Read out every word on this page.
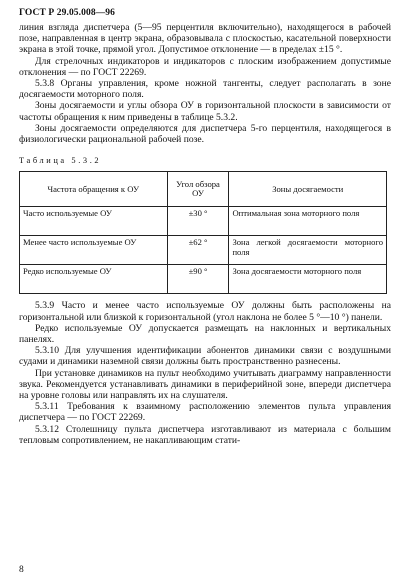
ГОСТ Р 29.05.008—96

линия взгляда диспетчера (5—95 перцентиля включительно), находящегося в рабочей позе, направленная в центр экрана, образовывала с плоскостью, касательной поверхности экрана в этой точке, прямой угол. Допустимое отклонение — в пределах ±15 °.

Для стрелочных индикаторов и индикаторов с плоским изображением допустимые отклонения — по ГОСТ 22269.

5.3.8 Органы управления, кроме ножной тангенты, следует располагать в зоне досягаемости моторного поля.

Зоны досягаемости и углы обзора ОУ в горизонтальной плоскости в зависимости от частоты обращения к ним приведены в таблице 5.3.2.

Зоны досягаемости определяются для диспетчера 5-го перцентиля, находящегося в физиологически рациональной рабочей позе.

Таблица 5.3.2
Частота обращения к ОУ	Угол обзора ОУ	Зоны досягаемости
Часто используемые ОУ	±30 °	Оптимальная зона моторного поля
Менее часто используемые ОУ	±62 °	Зона легкой досягаемости моторного поля
Редко используемые ОУ	±90 °	Зона досягаемости моторного поля

5.3.9 Часто и менее часто используемые ОУ должны быть расположены на горизонтальной или близкой к горизонтальной (угол наклона не более 5 °—10 °) панели.

Редко используемые ОУ допускается размещать на наклонных и вертикальных панелях.

5.3.10 Для улучшения идентификации абонентов динамики связи с воздушными судами и динамики наземной связи должны быть пространственно разнесены.

При установке динамиков на пульт необходимо учитывать диаграмму направленности звука. Рекомендуется устанавливать динамики в периферийной зоне, впереди диспетчера на уровне головы или направлять их на слушателя.

5.3.11 Требования к взаимному расположению элементов пульта управления диспетчера — по ГОСТ 22269.

5.3.12 Столешницу пульта диспетчера изготавливают из материала с большим тепловым сопротивлением, не накапливающим стати-

8
